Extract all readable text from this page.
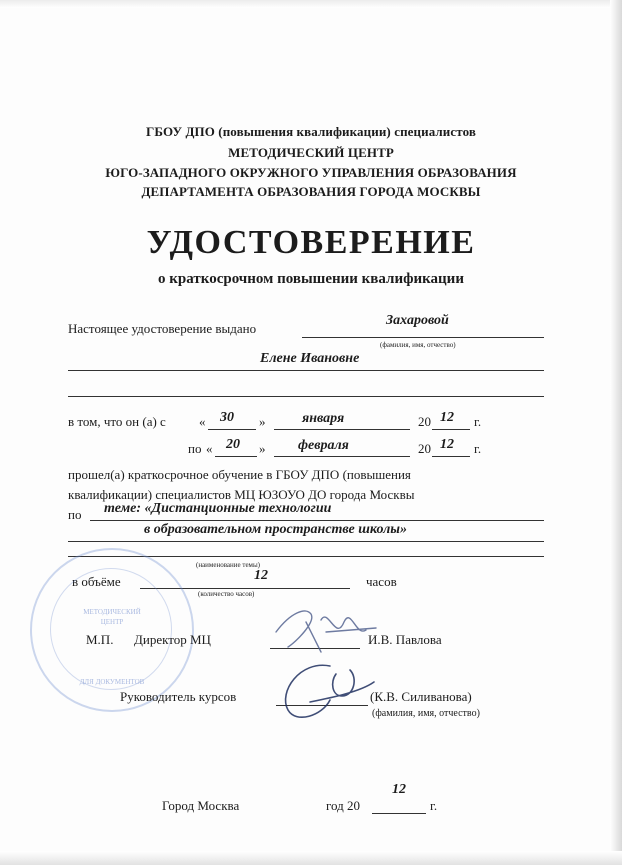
ГБОУ ДПО (повышения квалификации) специалистов
МЕТОДИЧЕСКИЙ ЦЕНТР
ЮГО-ЗАПАДНОГО ОКРУЖНОГО УПРАВЛЕНИЯ ОБРАЗОВАНИЯ
ДЕПАРТАМЕНТА ОБРАЗОВАНИЯ ГОРОДА МОСКВЫ
УДОСТОВЕРЕНИЕ
о краткосрочном повышении квалификации
Настоящее удостоверение выдано
Захаровой
(фамилия, имя, отчество)
Елене Ивановне
в том, что он (а) с	« 30 »	января	20 12 г.
по « 20 » февраля	20 12 г.
прошел(а) краткосрочное обучение в ГБОУ ДПО (повышения
квалификации) специалистов МЦ ЮЗОУО ДО города Москвы
по теме: «Дистанционные технологии
в образовательном пространстве школы»
(наименование темы)
в объёме	12	часов
(количество часов)
МЕТОДИЧЕСКИЙ
ЦЕНТР
ДЛЯ ДОКУМЕНТОВ
М.П. Директор МЦ	И.В. Павлова
Руководитель курсов	(К.В. Силиванова)
(фамилия, имя, отчество)
Город Москва	год 20
12
г.
